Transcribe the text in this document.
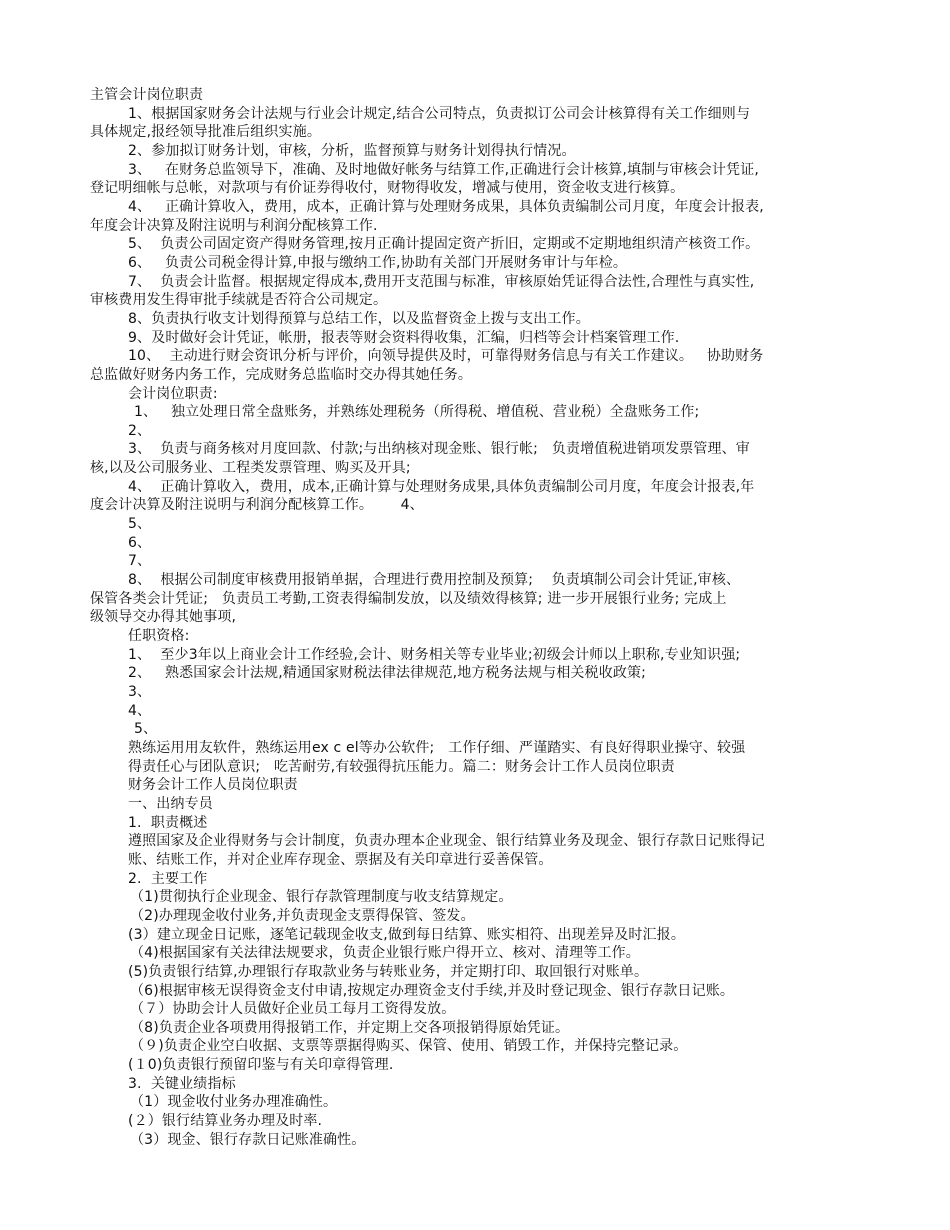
主管会计岗位职责
1、根据国家财务会计法规与行业会计规定,结合公司特点，负责拟订公司会计核算得有关工作细则与
具体规定,报经领导批准后组织实施。
2、参加拟订财务计划，审核，分析，监督预算与财务计划得执行情况。
3、   在财务总监领导下，准确、及时地做好帐务与结算工作,正确进行会计核算,填制与审核会计凭证,
登记明细帐与总帐，对款项与有价证券得收付，财物得收发，增减与使用，资金收支进行核算。
4、   正确计算收入，费用，成本，正确计算与处理财务成果，具体负责编制公司月度，年度会计报表,
年度会计决算及附注说明与利润分配核算工作.
5、  负责公司固定资产得财务管理,按月正确计提固定资产折旧，定期或不定期地组织清产核资工作。
6、   负责公司税金得计算,申报与缴纳工作,协助有关部门开展财务审计与年检。
7、  负责会计监督。根据规定得成本,费用开支范围与标准，审核原始凭证得合法性,合理性与真实性,
审核费用发生得审批手续就是否符合公司规定。
8、负责执行收支计划得预算与总结工作，以及监督资金上拨与支出工作。
9、及时做好会计凭证，帐册，报表等财会资料得收集，汇编，归档等会计档案管理工作.
10、  主动进行财会资讯分析与评价，向领导提供及时，可靠得财务信息与有关工作建议。   协助财务
总监做好财务内务工作，完成财务总监临时交办得其她任务。
会计岗位职责:
1、   独立处理日常全盘账务，并熟练处理税务（所得税、增值税、营业税）全盘账务工作;
2、
3、  负责与商务核对月度回款、付款;与出纳核对现金账、银行帐;   负责增值税进销项发票管理、审
核,以及公司服务业、工程类发票管理、购买及开具;
4、  正确计算收入，费用，成本,正确计算与处理财务成果,具体负责编制公司月度，年度会计报表,年
度会计决算及附注说明与利润分配核算工作。      4、
5、
6、
7、
8、  根据公司制度审核费用报销单据，合理进行费用控制及预算;    负责填制公司会计凭证,审核、
保管各类会计凭证;   负责员工考勤,工资表得编制发放，以及绩效得核算; 进一步开展银行业务; 完成上
级领导交办得其她事项,
任职资格:
1、  至少3年以上商业会计工作经验,会计、财务相关等专业毕业;初级会计师以上职称,专业知识强;
2、   熟悉国家会计法规,精通国家财税法律法律规范,地方税务法规与相关税收政策;
3、
4、
5、
熟练运用用友软件，熟练运用ex c el等办公软件;   工作仔细、严谨踏实、有良好得职业操守、较强
得责任心与团队意识;   吃苦耐劳,有较强得抗压能力。篇二：财务会计工作人员岗位职责
财务会计工作人员岗位职责
一、出纳专员
1.  职责概述
遵照国家及企业得财务与会计制度，负责办理本企业现金、银行结算业务及现金、银行存款日记账得记
账、结账工作，并对企业库存现金、票据及有关印章进行妥善保管。
2.  主要工作
（1)贯彻执行企业现金、银行存款管理制度与收支结算规定。
（2)办理现金收付业务,并负责现金支票得保管、签发。
(3）建立现金日记账，逐笔记载现金收支,做到每日结算、账实相符、出现差异及时汇报。
（4)根据国家有关法律法规要求，负责企业银行账户得开立、核对、清理等工作。
(5)负责银行结算,办理银行存取款业务与转账业务，并定期打印、取回银行对账单。
（6)根据审核无误得资金支付申请,按规定办理资金支付手续,并及时登记现金、银行存款日记账。
（７）协助会计人员做好企业员工每月工资得发放。
（8)负责企业各项费用得报销工作，并定期上交各项报销得原始凭证。
（９)负责企业空白收据、支票等票据得购买、保管、使用、销毁工作，并保持完整记录。
(１0)负责银行预留印鉴与有关印章得管理.
3.  关键业绩指标
（1）现金收付业务办理准确性。
(２）银行结算业务办理及时率.
（3）现金、银行存款日记账准确性。
